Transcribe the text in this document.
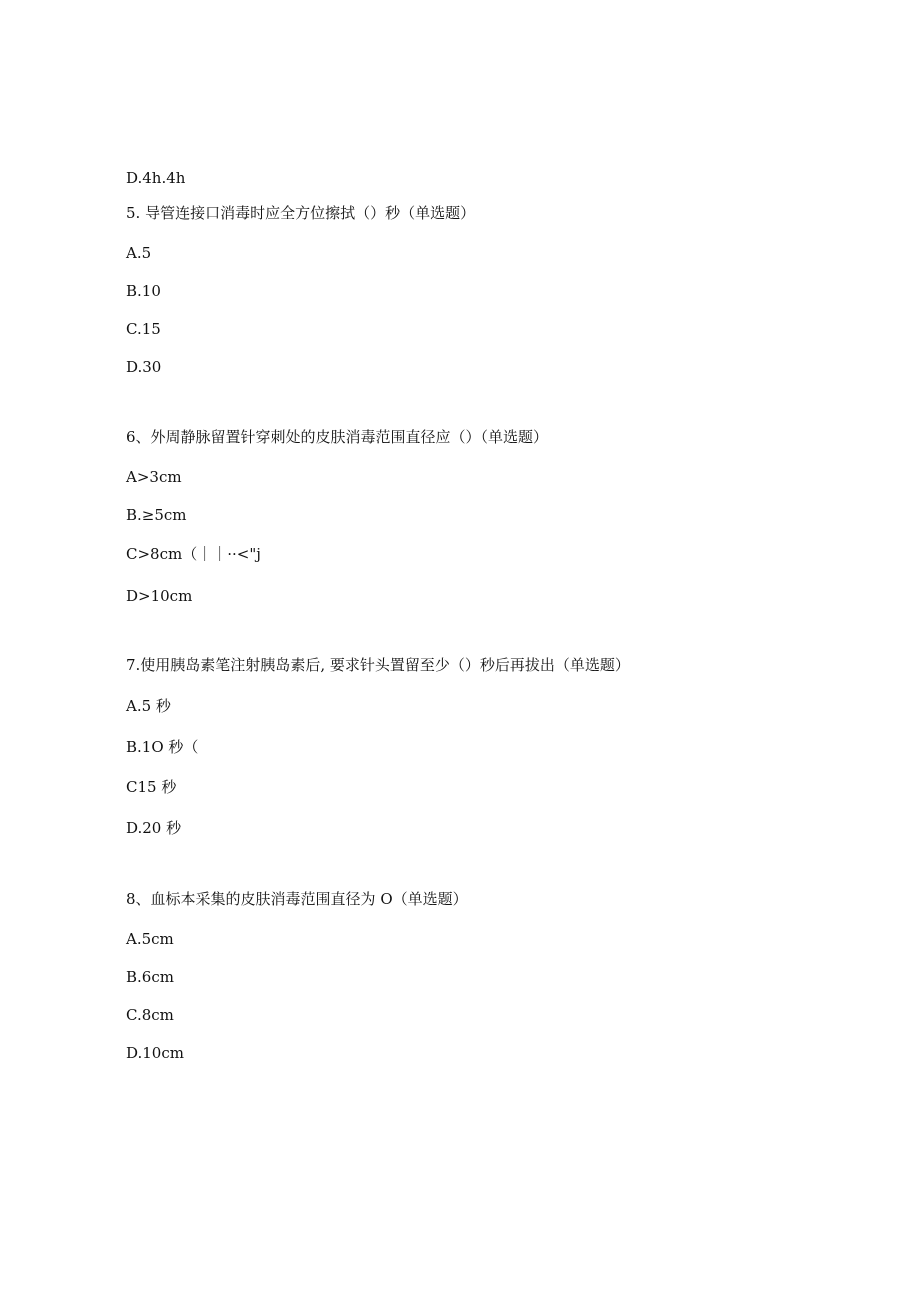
D.4h.4h
5. 导管连接口消毒时应全方位擦拭（）秒（单选题）
A.5
B.10
C.15
D.30
6、外周静脉留置针穿刺处的皮肤消毒范围直径应（）（单选题）
A>3cm
B.≥5cm
C>8cm（｜｜··<"j
D>10cm
7.使用胰岛素笔注射胰岛素后, 要求针头置留至少（）秒后再拔出（单选题）
A.5 秒
B.1O 秒（
C15 秒
D.20 秒
8、血标本采集的皮肤消毒范围直径为 O（单选题）
A.5cm
B.6cm
C.8cm
D.10cm
